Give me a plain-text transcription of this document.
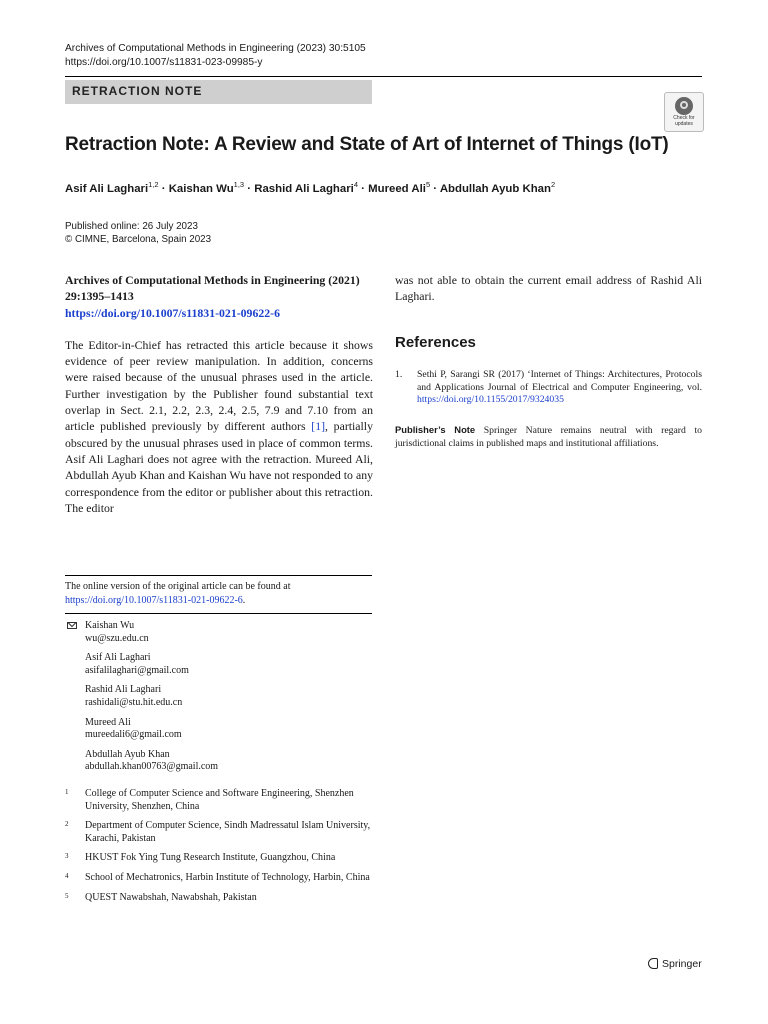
Archives of Computational Methods in Engineering (2023) 30:5105
https://doi.org/10.1007/s11831-023-09985-y
RETRACTION NOTE
Check for
updates
Retraction Note: A Review and State of Art of Internet of Things (IoT)
Asif Ali Laghari$^{1,2}$ · Kaishan Wu$^{1,3}$ · Rashid Ali Laghari$^4$ · Mureed Ali$^5$ · Abdullah Ayub Khan$^2$
Published online: 26 July 2023
© CIMNE, Barcelona, Spain 2023
Archives of Computational Methods in Engineering (2021) 29:1395–1413
https://doi.org/10.1007/s11831-021-09622-6
The Editor-in-Chief has retracted this article because it shows evidence of peer review manipulation. In addition, concerns were raised because of the unusual phrases used in the article. Further investigation by the Publisher found substantial text overlap in Sect. 2.1, 2.2, 2.3, 2.4, 2.5, 7.9 and 7.10 from an article published previously by different authors [1], partially obscured by the unusual phrases used in place of common terms. Asif Ali Laghari does not agree with the retraction. Mureed Ali, Abdullah Ayub Khan and Kaishan Wu have not responded to any correspondence from the editor or publisher about this retraction. The editor
was not able to obtain the current email address of Rashid Ali Laghari.
References
1. Sethi P, Sarangi SR (2017) ‘Internet of Things: Architectures, Protocols and Applications Journal of Electrical and Computer Engineering, vol. https://doi.org/10.1155/2017/9324035
Publisher’s Note Springer Nature remains neutral with regard to jurisdictional claims in published maps and institutional affiliations.
The online version of the original article can be found at https://doi.org/10.1007/s11831-021-09622-6.
Kaishan Wu
wu@szu.edu.cn
Asif Ali Laghari
asifalilaghari@gmail.com
Rashid Ali Laghari
rashidali@stu.hit.edu.cn
Mureed Ali
mureedali6@gmail.com
Abdullah Ayub Khan
abdullah.khan00763@gmail.com
1 College of Computer Science and Software Engineering, Shenzhen University, Shenzhen, China
2 Department of Computer Science, Sindh Madressatul Islam University, Karachi, Pakistan
3 HKUST Fok Ying Tung Research Institute, Guangzhou, China
4 School of Mechatronics, Harbin Institute of Technology, Harbin, China
5 QUEST Nawabshah, Nawabshah, Pakistan
Springer
